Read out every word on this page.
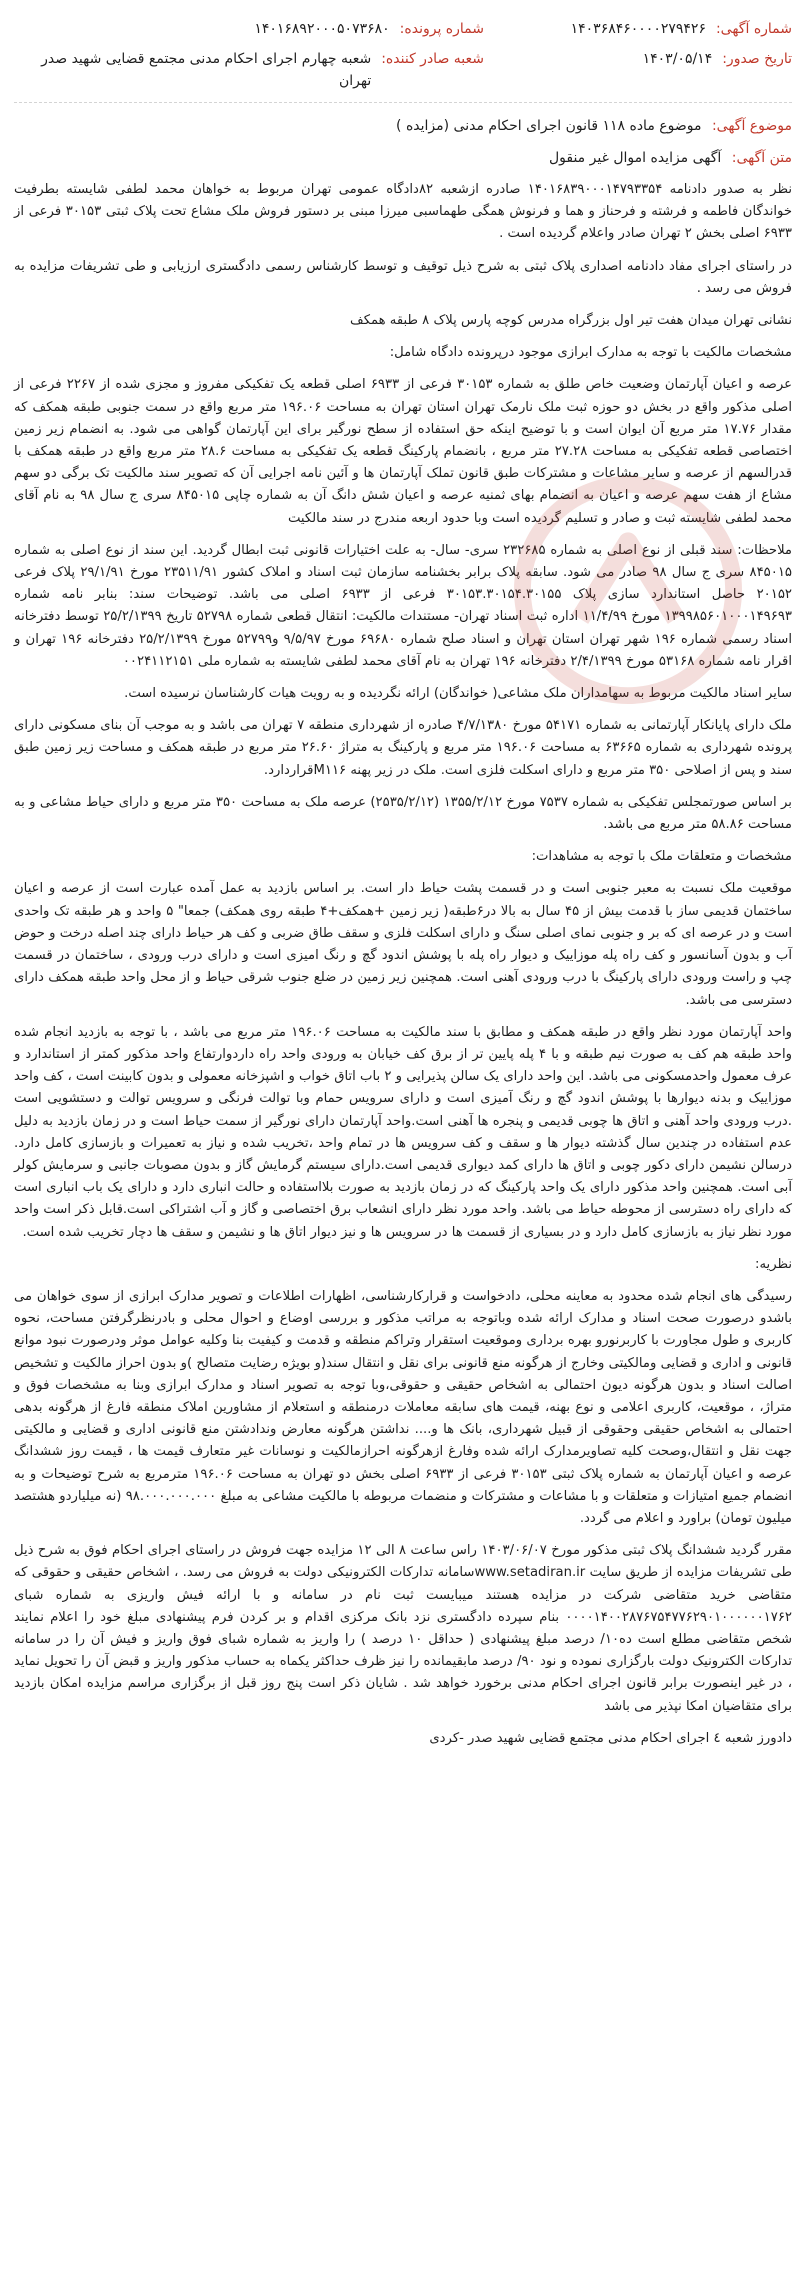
شماره آگهی:
۱۴۰۳۶۸۴۶۰۰۰۰۲۷۹۴۲۶
شماره پرونده:
۱۴۰۱۶۸۹۲۰۰۰۵۰۷۳۶۸۰
تاریخ صدور:
۱۴۰۳/۰۵/۱۴
شعبه صادر کننده:
شعبه چهارم اجرای احکام مدنی مجتمع قضایی شهید صدر تهران
موضوع آگهی: موضوع ماده ۱۱۸ قانون اجرای احکام مدنی (مزایده )
متن آگهی: آگهی مزایده اموال غیر منقول

نظر به صدور دادنامه ۱۴۰۱۶۸۳۹۰۰۰۱۴۷۹۳۳۵۴ صادره ازشعبه ۸۲دادگاه عمومی تهران مربوط به خواهان محمد لطفی شایسته بطرفیت خواندگان فاطمه و فرشته و فرحناز و هما و فرنوش همگی طهماسبی میرزا مبنی بر دستور فروش ملک مشاع تحت پلاک ثبتی ۳۰۱۵۳ فرعی از ۶۹۳۳ اصلی بخش ۲ تهران صادر واعلام گردیده است .

در راستای اجرای مفاد دادنامه اصداری پلاک ثبتی به شرح ذیل توقیف و توسط کارشناس رسمی دادگستری ارزیابی و طی تشریفات مزایده به فروش می رسد .

نشانی تهران میدان هفت تیر اول بزرگراه مدرس کوچه پارس پلاک ۸ طبقه همکف

مشخصات مالکیت با توجه به مدارک ابرازی موجود درپرونده دادگاه شامل:

عرصه و اعیان آپارتمان وضعیت خاص طلق به شماره ۳۰۱۵۳ فرعی از ۶۹۳۳ اصلی قطعه یک تفکیکی مفروز و مجزی شده از ۲۲۶۷ فرعی از اصلی مذکور واقع در بخش دو حوزه ثبت ملک نارمک تهران استان تهران به مساحت ۱۹۶.۰۶ متر مربع واقع در سمت جنوبی طبقه همکف که مقدار ۱۷.۷۶ متر مربع آن ایوان است و با توضیح اینکه حق استفاده از سطح نورگیر برای این آپارتمان گواهی می شود. به انضمام زیر زمین اختصاصی قطعه تفکیکی به مساحت ۲۷.۲۸ متر مربع ، بانضمام پارکینگ قطعه یک تفکیکی به مساحت ۲۸.۶ متر مربع واقع در طبقه همکف با قدرالسهم از عرصه و سایر مشاعات و مشترکات طبق قانون تملک آپارتمان ها و آئین نامه اجرایی آن که تصویر سند مالکیت تک برگی دو سهم مشاع از هفت سهم عرصه و اعیان به انضمام بهای ثمنیه عرصه و اعیان شش دانگ آن به شماره چاپی ۸۴۵۰۱۵ سری ج سال ۹۸ به نام آقای محمد لطفی شایسته ثبت و صادر و تسلیم گردیده است وبا حدود اربعه مندرج در سند مالکیت

ملاحظات: سند قبلی از نوع اصلی به شماره ۲۳۲۶۸۵ سری- سال- به علت اختیارات قانونی ثبت ابطال گردید. این سند از نوع اصلی به شماره ۸۴۵۰۱۵ سری ج سال ۹۸ صادر می شود. سابقه پلاک برابر بخشنامه سازمان ثبت اسناد و املاک کشور ۲۳۵۱۱/۹۱ مورخ ۲۹/۱/۹۱ پلاک فرعی ۲۰۱۵۲ حاصل استاندارد سازی پلاک ۳۰۱۵۳.۳۰۱۵۴.۳۰۱۵۵ فرعی از ۶۹۳۳ اصلی می باشد. توضیحات سند: بنابر نامه شماره ۱۳۹۹۸۵۶۰۱۰۰۰۱۴۹۶۹۳ مورخ ۱۱/۴/۹۹ اداره ثبت اسناد تهران- مستندات مالکیت: انتقال قطعی شماره ۵۲۷۹۸ تاریخ ۲۵/۲/۱۳۹۹ توسط دفترخانه اسناد رسمی شماره ۱۹۶ شهر تهران استان تهران و اسناد صلح شماره ۶۹۶۸۰ مورخ ۹/۵/۹۷ و۵۲۷۹۹ مورخ ۲۵/۲/۱۳۹۹ دفترخانه ۱۹۶ تهران و اقرار نامه شماره ۵۳۱۶۸ مورخ ۲/۴/۱۳۹۹ دفترخانه ۱۹۶ تهران به نام آقای محمد لطفی شایسته به شماره ملی ۰۰۲۴۱۱۲۱۵۱

سایر اسناد مالکیت مربوط به سهامداران ملک مشاعی( خواندگان) ارائه نگردیده و به رویت هیات کارشناسان نرسیده است.

ملک دارای پایانکار آپارتمانی به شماره ۵۴۱۷۱ مورخ ۴/۷/۱۳۸۰ صادره از شهرداری منطقه ۷ تهران می باشد و به موجب آن بنای مسکونی دارای پرونده شهرداری به شماره ۶۳۶۶۵ به مساحت ۱۹۶.۰۶ متر مربع و پارکینگ به متراژ ۲۶.۶۰ متر مربع در طبقه همکف و مساحت زیر زمین طبق سند و پس از اصلاحی ۳۵۰ متر مربع و دارای اسکلت فلزی است. ملک در زیر پهنه M۱۱۶قراردارد.

بر اساس صورتمجلس تفکیکی به شماره ۷۵۳۷ مورخ ۱۳۵۵/۲/۱۲ (۲۵۳۵/۲/۱۲) عرصه ملک به مساحت ۳۵۰ متر مربع و دارای حیاط مشاعی و به مساحت ۵۸.۸۶ متر مربع می باشد.

مشخصات و متعلقات ملک با توجه به مشاهدات:

موقعیت ملک نسبت به معبر جنوبی است و در قسمت پشت حیاط دار است. بر اساس بازدید به عمل آمده عبارت است از عرصه و اعیان ساختمان قدیمی ساز با قدمت بیش از ۴۵ سال به بالا در۶طبقه( زیر زمین +همکف+۴ طبقه روی همکف) جمعا" ۵ واحد و هر طبقه تک واحدی است و در عرصه ای که بر و جنوبی نمای اصلی سنگ و دارای اسکلت فلزی و سقف طاق ضربی و کف هر حیاط دارای چند اصله درخت و حوض آب و بدون آسانسور و کف راه پله موزاییک و دیوار راه پله با پوشش اندود گچ و رنگ امیزی است و دارای درب ورودی ، ساختمان در قسمت چپ و راست ورودی دارای پارکینگ با درب ورودی آهنی است. همچنین زیر زمین در ضلع جنوب شرقی حیاط و از محل واحد طبقه همکف دارای دسترسی می باشد.

واحد آپارتمان مورد نظر واقع در طبقه همکف و مطابق با سند مالکیت به مساحت ۱۹۶.۰۶ متر مربع می باشد ، با توجه به بازدید انجام شده واحد طبقه هم کف به صورت نیم طبقه و با ۴ پله پایین تر از برق کف خیابان به ورودی واحد راه داردوارتفاع واحد مذکور کمتر از استاندارد و عرف معمول واحدمسکونی می باشد. این واحد دارای یک سالن پذیرایی و ۲ باب اتاق خواب و اشپزخانه معمولی و بدون کابینت است ، کف واحد موزاییک و بدنه دیوارها با پوشش اندود گچ و رنگ آمیزی است و دارای سرویس حمام وبا توالت فرنگی و سرویس توالت و دستشویی است .درب ورودی واحد آهنی و اتاق ها چوبی قدیمی و پنجره ها آهنی است.واحد آپارتمان دارای نورگیر از سمت حیاط است و در زمان بازدید به دلیل عدم استفاده در چندین سال گذشته دیوار ها و سقف و کف سرویس ها در تمام واحد ،تخریب شده و نیاز به تعمیرات و بازسازی کامل دارد. درسالن نشیمن دارای دکور چوبی و اتاق ها دارای کمد دیواری قدیمی است.دارای سیستم گرمایش گاز و بدون مصوبات جانبی و سرمایش کولر آبی است. همچنین واحد مذکور دارای یک واحد پارکینگ که در زمان بازدید به صورت بلااستفاده و حالت انباری دارد و دارای یک باب انباری است که دارای راه دسترسی از محوطه حیاط می باشد. واحد مورد نظر دارای انشعاب برق اختصاصی و گاز و آب اشتراکی است.قابل ذکر است واحد مورد نظر نیاز به بازسازی کامل دارد و در بسیاری از قسمت ها در سرویس ها و نیز دیوار اتاق ها و نشیمن و سقف ها دچار تخریب شده است.

نظریه:

رسیدگی های انجام شده محدود به معاینه محلی، دادخواست و قرارکارشناسی، اظهارات اطلاعات و تصویر مدارک ابرازی از سوی خواهان می باشدو درصورت صحت اسناد و مدارک ارائه شده وباتوجه به مراتب مذکور و بررسی اوضاع و احوال محلی و بادرنظرگرفتن مساحت، نحوه کاربری و طول مجاورت با کاربرنورو بهره برداری وموقعیت استقرار وتراکم منطقه و قدمت و کیفیت بنا وکلیه عوامل موثر ودرصورت نبود موانع قانونی و اداری و قضایی ومالکیتی وخارج از هرگونه منع قانونی برای نقل و انتقال سند(و بویژه رضایت متصالح )و بدون احراز مالکیت و تشخیص اصالت اسناد و بدون هرگونه دیون احتمالی به اشخاص حقیقی و حقوقی،وبا توجه به تصویر اسناد و مدارک ابرازی وبنا به مشخصات فوق و متراژ، ، موقعیت، کاربری اعلامی و نوع بهنه، قیمت های سابقه معاملات درمنطقه و استعلام از مشاورین املاک منطقه فارغ از هرگونه بدهی احتمالی به اشخاص حقیقی وحقوقی از قبیل شهرداری، بانک ها و.... نداشتن هرگونه معارض وندادشتن منع قانونی اداری و قضایی و مالکیتی جهت نقل و انتقال،وصحت کلیه تصاویرمدارک ارائه شده وفارغ ازهرگونه احرازمالکیت و نوسانات غیر متعارف قیمت ها ، قیمت روز ششدانگ عرصه و اعیان آپارتمان به شماره پلاک ثبتی ۳۰۱۵۳ فرعی از ۶۹۳۳ اصلی بخش دو تهران به مساحت ۱۹۶.۰۶ مترمربع به شرح توضیحات و به انضمام جمیع امتیازات و متعلقات و با مشاعات و مشترکات و منضمات مربوطه با مالکیت مشاعی به مبلغ ۹۸.۰۰۰.۰۰۰.۰۰۰ (نه میلیاردو هشتصد میلیون تومان) براورد و اعلام می گردد.

مقرر گردید ششدانگ پلاک ثبتی مذکور مورخ ۱۴۰۳/۰۶/۰۷ راس ساعت ۸ الی ۱۲ مزایده جهت فروش در راستای اجرای احکام فوق به شرح ذیل طی تشریفات مزایده از طریق سایت www.setadiran.irسامانه تدارکات الکترونیکی دولت به فروش می رسد. ، اشخاص حقیقی و حقوقی که متقاضی خرید متقاضی شرکت در مزایده هستند میبایست ثبت نام در سامانه و با ارائه فیش واریزی به شماره شبای ۰۰۰۰۱۴۰۰۲۸۷۶۷۵۴۷۷۶۲۹۰۱۰۰۰۰۰۰۱۷۶۲ بنام سپرده دادگستری نزد بانک مرکزی اقدام و بر کردن فرم پیشنهادی مبلغ خود را اعلام نمایند شخص متقاضی مطلع است ده۱۰/ درصد مبلغ پیشنهادی ( حداقل ۱۰ درصد ) را واریز به شماره شبای فوق واریز و فیش آن را در سامانه تدارکات الکترونیک دولت بارگزاری نموده و نود ۹۰/ درصد مابقیمانده را نیز ظرف حداکثر یکماه به حساب مذکور واریز و قبض آن را تحویل نماید ، در غیر اینصورت برابر قانون اجرای احکام مدنی برخورد خواهد شد . شایان ذکر است پنج روز قبل از برگزاری مراسم مزایده امکان بازدید برای متقاضیان امکا نپذیر می باشد

دادورز شعبه ٤ اجرای احکام مدنی مجتمع قضایی شهید صدر -کردی
